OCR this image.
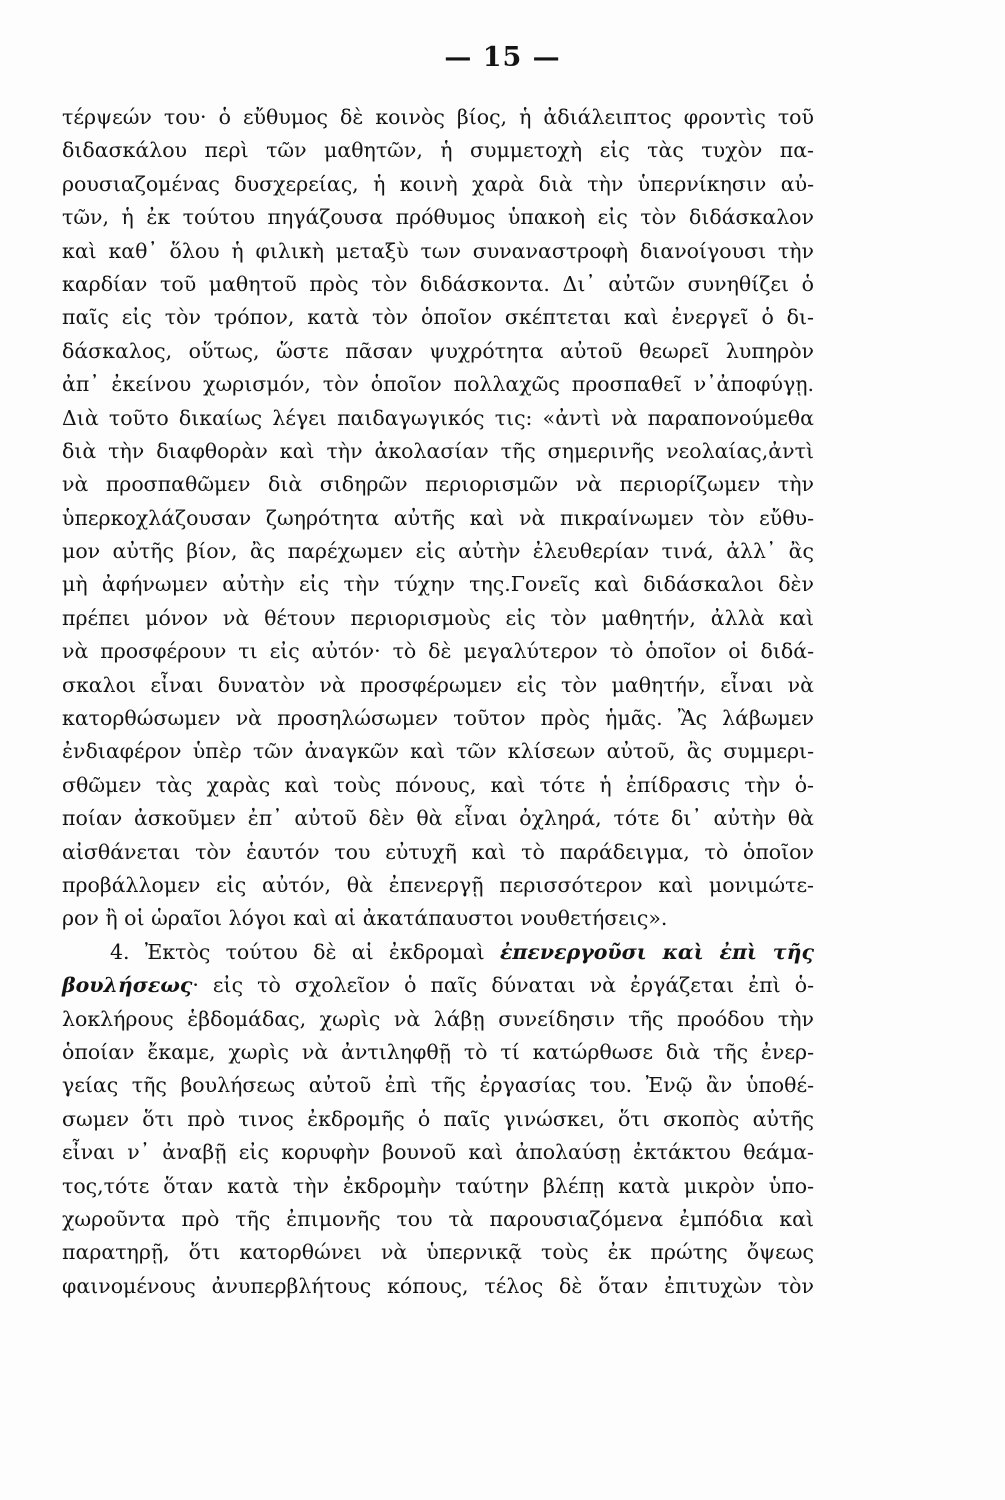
— 15 —
τέρψεών του· ὁ εὔθυμος δὲ κοινὸς βίος, ἡ ἀδιάλειπτος φροντὶς τοῦ
διδασκάλου περὶ τῶν μαθητῶν, ἡ συμμετοχὴ εἰς τὰς τυχὸν πα-
ρουσιαζομένας δυσχερείας, ἡ κοινὴ χαρὰ διὰ τὴν ὑπερνίκησιν αὐ-
τῶν, ἡ ἐκ τούτου πηγάζουσα πρόθυμος ὑπακοὴ εἰς τὸν διδάσκαλον
καὶ καθ᾿ ὅλου ἡ φιλικὴ μεταξὺ των συναναστροφὴ διανοίγουσι τὴν
καρδίαν τοῦ μαθητοῦ πρὸς τὸν διδάσκοντα. Δι᾿ αὐτῶν συνηθίζει ὁ
παῖς εἰς τὸν τρόπον, κατὰ τὸν ὁποῖον σκέπτεται καὶ ἐνεργεῖ ὁ δι-
δάσκαλος, οὕτως, ὥστε πᾶσαν ψυχρότητα αὐτοῦ θεωρεῖ λυπηρὸν
ἀπ᾿ ἐκείνου χωρισμόν, τὸν ὁποῖον πολλαχῶς προσπαθεῖ ν᾿ἀποφύγῃ.
Διὰ τοῦτο δικαίως λέγει παιδαγωγικός τις: «ἀντὶ νὰ παραπονούμεθα
διὰ τὴν διαφθορὰν καὶ τὴν ἀκολασίαν τῆς σημερινῆς νεολαίας,ἀντὶ
νὰ προσπαθῶμεν διὰ σιδηρῶν περιορισμῶν νὰ περιορίζωμεν τὴν
ὑπερκοχλάζουσαν ζωηρότητα αὐτῆς καὶ νὰ πικραίνωμεν τὸν εὔθυ-
μον αὐτῆς βίον, ἂς παρέχωμεν εἰς αὐτὴν ἐλευθερίαν τινά, ἀλλ᾿ ἂς
μὴ ἀφήνωμεν αὐτὴν εἰς τὴν τύχην της.Γονεῖς καὶ διδάσκαλοι δὲν
πρέπει μόνον νὰ θέτουν περιορισμοὺς εἰς τὸν μαθητήν, ἀλλὰ καὶ
νὰ προσφέρουν τι εἰς αὐτόν· τὸ δὲ μεγαλύτερον τὸ ὁποῖον οἱ διδά-
σκαλοι εἶναι δυνατὸν νὰ προσφέρωμεν εἰς τὸν μαθητήν, εἶναι νὰ
κατορθώσωμεν νὰ προσηλώσωμεν τοῦτον πρὸς ἡμᾶς. Ἂς λάβωμεν
ἐνδιαφέρον ὑπὲρ τῶν ἀναγκῶν καὶ τῶν κλίσεων αὐτοῦ, ἂς συμμερι-
σθῶμεν τὰς χαρὰς καὶ τοὺς πόνους, καὶ τότε ἡ ἐπίδρασις τὴν ὁ-
ποίαν ἀσκοῦμεν ἐπ᾿ αὐτοῦ δὲν θὰ εἶναι ὀχληρά, τότε δι᾿ αὐτὴν θὰ
αἰσθάνεται τὸν ἑαυτόν του εὐτυχῆ καὶ τὸ παράδειγμα, τὸ ὁποῖον
προβάλλομεν εἰς αὐτόν, θὰ ἐπενεργῇ περισσότερον καὶ μονιμώτε-
ρον ἢ οἱ ὡραῖοι λόγοι καὶ αἱ ἀκατάπαυστοι νουθετήσεις».
4. Ἐκτὸς τούτου δὲ αἱ ἐκδρομαὶ ἐπενεργοῦσι καὶ ἐπὶ τῆς
βουλήσεως· εἰς τὸ σχολεῖον ὁ παῖς δύναται νὰ ἐργάζεται ἐπὶ ὁ-
λοκλήρους ἑβδομάδας, χωρὶς νὰ λάβῃ συνείδησιν τῆς προόδου τὴν
ὁποίαν ἔκαμε, χωρὶς νὰ ἀντιληφθῇ τὸ τί κατώρθωσε διὰ τῆς ἐνερ-
γείας τῆς βουλήσεως αὐτοῦ ἐπὶ τῆς ἐργασίας του. Ἐνῷ ἂν ὑποθέ-
σωμεν ὅτι πρὸ τινος ἐκδρομῆς ὁ παῖς γινώσκει, ὅτι σκοπὸς αὐτῆς
εἶναι ν᾿ ἀναβῇ εἰς κορυφὴν βουνοῦ καὶ ἀπολαύσῃ ἐκτάκτου θεάμα-
τος,τότε ὅταν κατὰ τὴν ἐκδρομὴν ταύτην βλέπῃ κατὰ μικρὸν ὑπο-
χωροῦντα πρὸ τῆς ἐπιμονῆς του τὰ παρουσιαζόμενα ἐμπόδια καὶ
παρατηρῇ, ὅτι κατορθώνει νὰ ὑπερνικᾷ τοὺς ἐκ πρώτης ὄψεως
φαινομένους ἀνυπερβλήτους κόπους, τέλος δὲ ὅταν ἐπιτυχὼν τὸν
